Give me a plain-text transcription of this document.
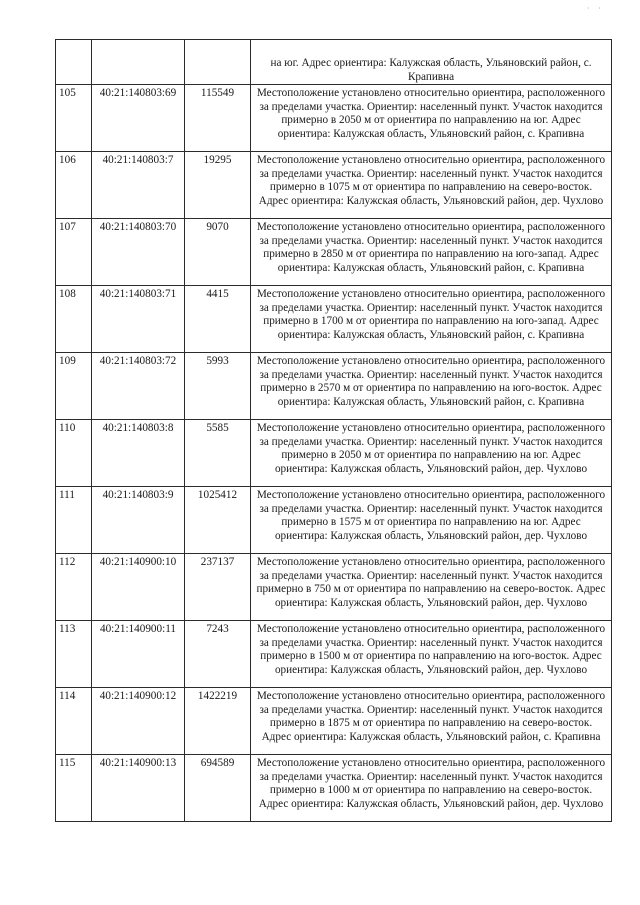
˙ ˙
			на юг. Адрес ориентира: Калужская область, Ульяновский район, с. Крапивна
105	40:21:140803:69	115549	Местоположение установлено относительно ориентира, расположенного за пределами участка. Ориентир: населенный пункт. Участок находится примерно в 2050 м от ориентира по направлению на юг. Адрес ориентира: Калужская область, Ульяновский район, с. Крапивна
106	40:21:140803:7	19295	Местоположение установлено относительно ориентира, расположенного за пределами участка. Ориентир: населенный пункт. Участок находится примерно в 1075 м от ориентира по направлению на северо-восток. Адрес ориентира: Калужская область, Ульяновский район, дер. Чухлово
107	40:21:140803:70	9070	Местоположение установлено относительно ориентира, расположенного за пределами участка. Ориентир: населенный пункт. Участок находится примерно в 2850 м от ориентира по направлению на юго-запад. Адрес ориентира: Калужская область, Ульяновский район, с. Крапивна
108	40:21:140803:71	4415	Местоположение установлено относительно ориентира, расположенного за пределами участка. Ориентир: населенный пункт. Участок находится примерно в 1700 м от ориентира по направлению на юго-запад. Адрес ориентира: Калужская область, Ульяновский район, с. Крапивна
109	40:21:140803:72	5993	Местоположение установлено относительно ориентира, расположенного за пределами участка. Ориентир: населенный пункт. Участок находится примерно в 2570 м от ориентира по направлению на юго-восток. Адрес ориентира: Калужская область, Ульяновский район, с. Крапивна
110	40:21:140803:8	5585	Местоположение установлено относительно ориентира, расположенного за пределами участка. Ориентир: населенный пункт. Участок находится примерно в 2050 м от ориентира по направлению на юг. Адрес ориентира: Калужская область, Ульяновский район, дер. Чухлово
111	40:21:140803:9	1025412	Местоположение установлено относительно ориентира, расположенного за пределами участка. Ориентир: населенный пункт. Участок находится примерно в 1575 м от ориентира по направлению на юг. Адрес ориентира: Калужская область, Ульяновский район, дер. Чухлово
112	40:21:140900:10	237137	Местоположение установлено относительно ориентира, расположенного за пределами участка. Ориентир: населенный пункт. Участок находится примерно в 750 м от ориентира по направлению на северо-восток. Адрес ориентира: Калужская область, Ульяновский район, дер. Чухлово
113	40:21:140900:11	7243	Местоположение установлено относительно ориентира, расположенного за пределами участка. Ориентир: населенный пункт. Участок находится примерно в 1500 м от ориентира по направлению на юго-восток. Адрес ориентира: Калужская область, Ульяновский район, дер. Чухлово
114	40:21:140900:12	1422219	Местоположение установлено относительно ориентира, расположенного за пределами участка. Ориентир: населенный пункт. Участок находится примерно в 1875 м от ориентира по направлению на северо-восток. Адрес ориентира: Калужская область, Ульяновский район, с. Крапивна
115	40:21:140900:13	694589	Местоположение установлено относительно ориентира, расположенного за пределами участка. Ориентир: населенный пункт. Участок находится примерно в 1000 м от ориентира по направлению на северо-восток. Адрес ориентира: Калужская область, Ульяновский район, дер. Чухлово
